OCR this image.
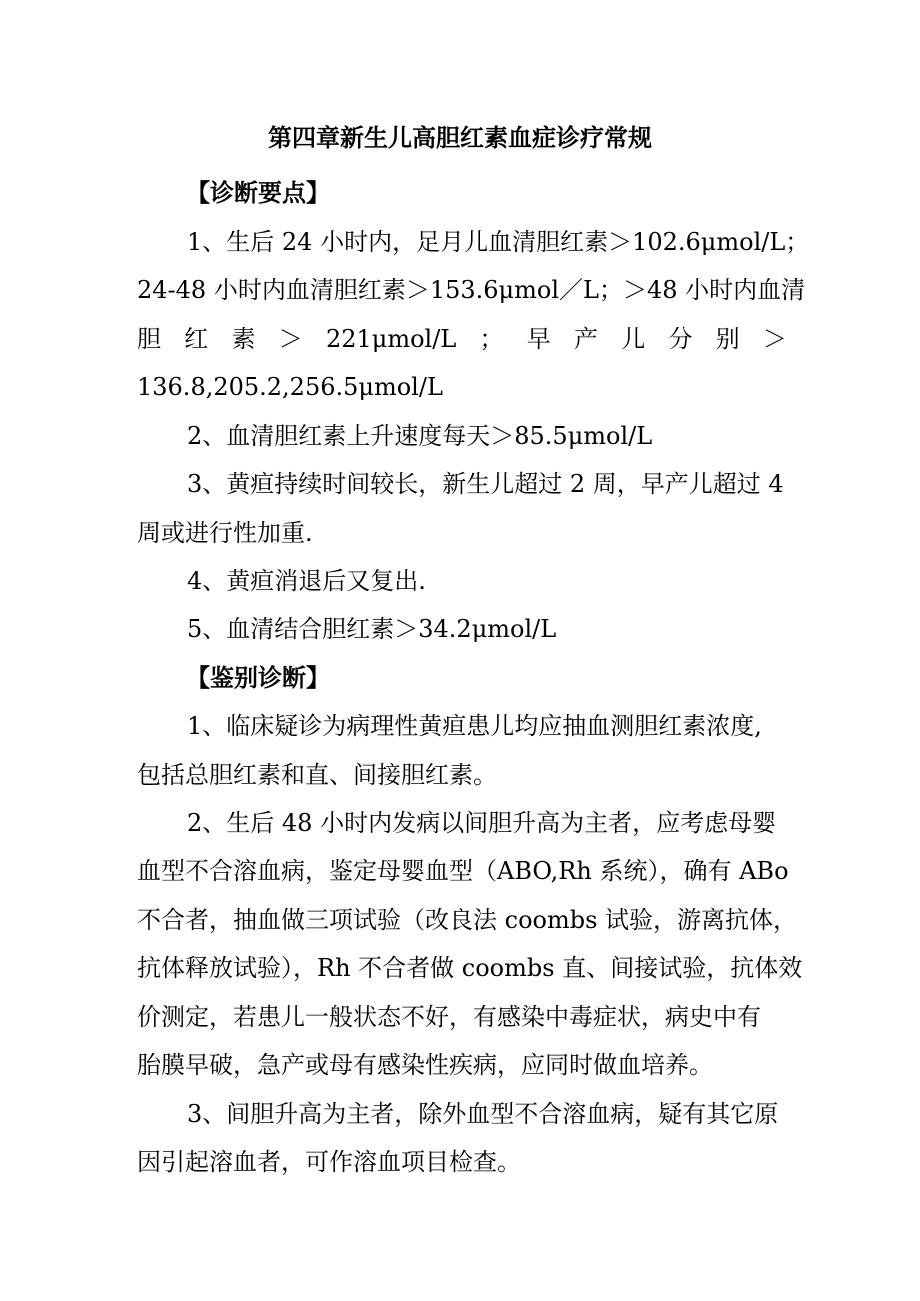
第四章新生儿高胆红素血症诊疗常规
【诊断要点】
1、生后 24 小时内，足月儿血清胆红素＞102.6μmol/L；
24-48 小时内血清胆红素＞153.6μmol／L；＞48 小时内血清
胆 红 素 ＞ 221μmol/L ； 早 产 儿 分 别 ＞
136.8,205.2,256.5μmol/L
2、血清胆红素上升速度每天＞85.5μmol/L
3、黄疸持续时间较长，新生儿超过 2 周，早产儿超过 4
周或进行性加重.
4、黄疸消退后又复出.
5、血清结合胆红素＞34.2μmol/L
【鉴别诊断】
1、临床疑诊为病理性黄疸患儿均应抽血测胆红素浓度,
包括总胆红素和直、间接胆红素。
2、生后 48 小时内发病以间胆升高为主者，应考虑母婴
血型不合溶血病，鉴定母婴血型（ABO,Rh 系统），确有 ABo
不合者，抽血做三项试验（改良法 coombs 试验，游离抗体，
抗体释放试验），Rh 不合者做 coombs 直、间接试验，抗体效
价测定，若患儿一般状态不好，有感染中毒症状，病史中有
胎膜早破，急产或母有感染性疾病，应同时做血培养。
3、间胆升高为主者，除外血型不合溶血病，疑有其它原
因引起溶血者，可作溶血项目检查。
